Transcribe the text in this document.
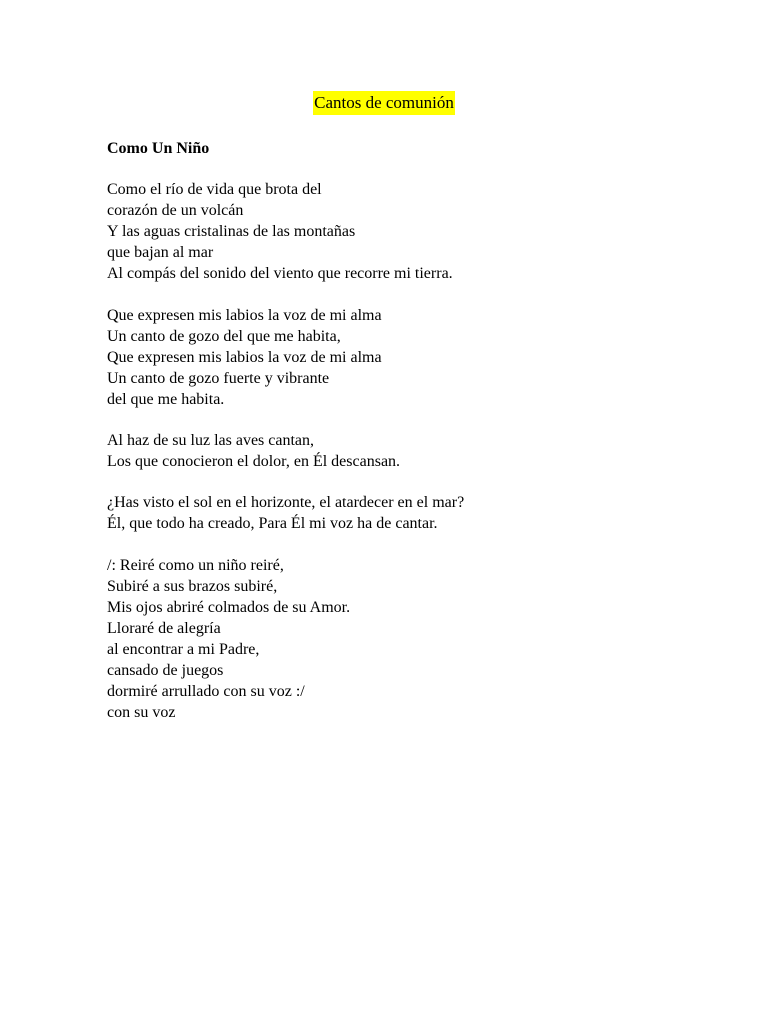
Cantos de comunión
Como Un Niño

Como el río de vida que brota del
corazón de un volcán
Y las aguas cristalinas de las montañas
que bajan al mar
Al compás del sonido del viento que recorre mi tierra.

Que expresen mis labios la voz de mi alma
Un canto de gozo del que me habita,
Que expresen mis labios la voz de mi alma
Un canto de gozo fuerte y vibrante
del que me habita.

Al haz de su luz las aves cantan,
Los que conocieron el dolor, en Él descansan.

¿Has visto el sol en el horizonte, el atardecer en el mar?
Él, que todo ha creado, Para Él mi voz ha de cantar.

/: Reiré como un niño reiré,
Subiré a sus brazos subiré,
Mis ojos abriré colmados de su Amor.
Lloraré de alegría
al encontrar a mi Padre,
cansado de juegos
dormiré arrullado con su voz :/
con su voz
